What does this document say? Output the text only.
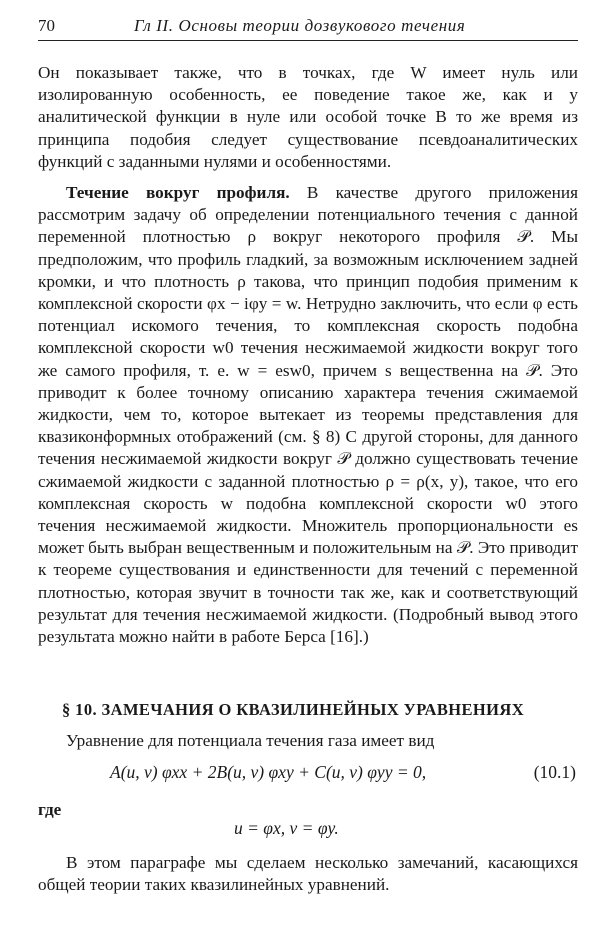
70	Гл II. Основы теории дозвукового течения

Он показывает также, что в точках, где W имеет нуль или изолированную особенность, ее поведение такое же, как и у аналитической функции в нуле или особой точке В то же время из принципа подобия следует существование псевдоаналитических функций с заданными нулями и особенностями.

Течение вокруг профиля. В качестве другого приложения рассмотрим задачу об определении потенциального течения с данной переменной плотностью ρ вокруг некоторого профиля 𝒫. Мы предположим, что профиль гладкий, за возможным исключением задней кромки, и что плотность ρ такова, что принцип подобия применим к комплексной скорости φx − iφy = w. Нетрудно заключить, что если φ есть потенциал искомого течения, то комплексная скорость подобна комплексной скорости w0 течения несжимаемой жидкости вокруг того же самого профиля, т. е. w = esw0, причем s вещественна на 𝒫. Это приводит к более точному описанию характера течения сжимаемой жидкости, чем то, которое вытекает из теоремы представления для квазиконформных отображений (см. § 8) С другой стороны, для данного течения несжимаемой жидкости вокруг 𝒫 должно существовать течение сжимаемой жидкости с заданной плотностью ρ = ρ(x, y), такое, что его комплексная скорость w подобна комплексной скорости w0 этого течения несжимаемой жидкости. Множитель пропорциональности es может быть выбран вещественным и положительным на 𝒫. Это приводит к теореме существования и единственности для течений с переменной плотностью, которая звучит в точности так же, как и соответствующий результат для течения несжимаемой жидкости. (Подробный вывод этого результата можно найти в работе Берса [16].)

§ 10. ЗАМЕЧАНИЯ О КВАЗИЛИНЕЙНЫХ УРАВНЕНИЯХ

Уравнение для потенциала течения газа имеет вид

A(u, v) φxx + 2B(u, v) φxy + C(u, v) φyy = 0,	(10.1)
где
u = φx, v = φy.

В этом параграфе мы сделаем несколько замечаний, касающихся общей теории таких квазилинейных уравнений.
